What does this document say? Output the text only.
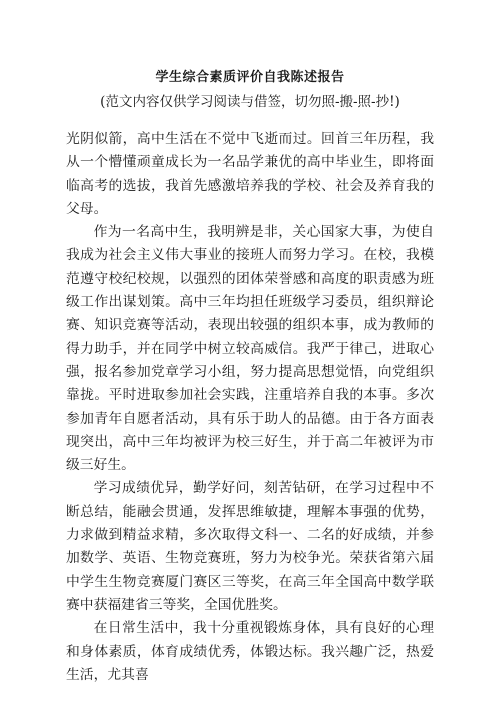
学生综合素质评价自我陈述报告
(范文内容仅供学习阅读与借签，切勿照-搬-照-抄!)

光阴似箭，高中生活在不觉中飞逝而过。回首三年历程，我从一个懵懂顽童成长为一名品学兼优的高中毕业生，即将面临高考的选拔，我首先感激培养我的学校、社会及养育我的父母。

作为一名高中生，我明辨是非，关心国家大事，为使自我成为社会主义伟大事业的接班人而努力学习。在校，我模范遵守校纪校规，以强烈的团体荣誉感和高度的职责感为班级工作出谋划策。高中三年均担任班级学习委员，组织辩论赛、知识竞赛等活动，表现出较强的组织本事，成为教师的得力助手，并在同学中树立较高威信。我严于律己，进取心强，报名参加党章学习小组，努力提高思想觉悟，向党组织靠拢。平时进取参加社会实践，注重培养自我的本事。多次参加青年自愿者活动，具有乐于助人的品德。由于各方面表现突出，高中三年均被评为校三好生，并于高二年被评为市级三好生。

学习成绩优异，勤学好问，刻苦钻研，在学习过程中不断总结，能融会贯通，发挥思维敏捷，理解本事强的优势，力求做到精益求精，多次取得文科一、二名的好成绩，并参加数学、英语、生物竞赛班，努力为校争光。荣获省第六届中学生生物竞赛厦门赛区三等奖，在高三年全国高中数学联赛中获福建省三等奖，全国优胜奖。

在日常生活中，我十分重视锻炼身体，具有良好的心理和身体素质，体育成绩优秀，体锻达标。我兴趣广泛，热爱生活，尤其喜
